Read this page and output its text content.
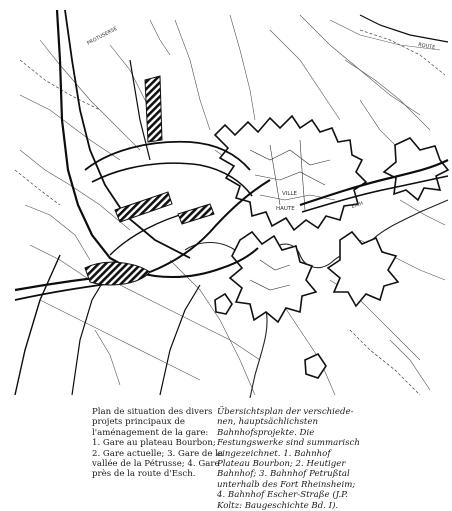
PROTUSERSE	ROUTE
VILLE
HAUTE	EICH
Plan de situation des divers
projets principaux de
l'aménagement de la gare:
1. Gare au plateau Bourbon;
2. Gare actuelle; 3. Gare de la
vallée de la Pétrusse; 4. Gare
près de la route d'Esch.
Übersichtsplan der verschiede-
nen, hauptsächlichsten
Bahnhofsprojekte. Die
Festungswerke sind summarisch
eingezeichnet. 1. Bahnhof
Plateau Bourbon; 2. Heutiger
Bahnhof; 3. Bahnhof Petrußtal
unterhalb des Fort Rheinsheim;
4. Bahnhof Escher-Straße (J.P.
Koltz: Baugeschichte Bd. I).
